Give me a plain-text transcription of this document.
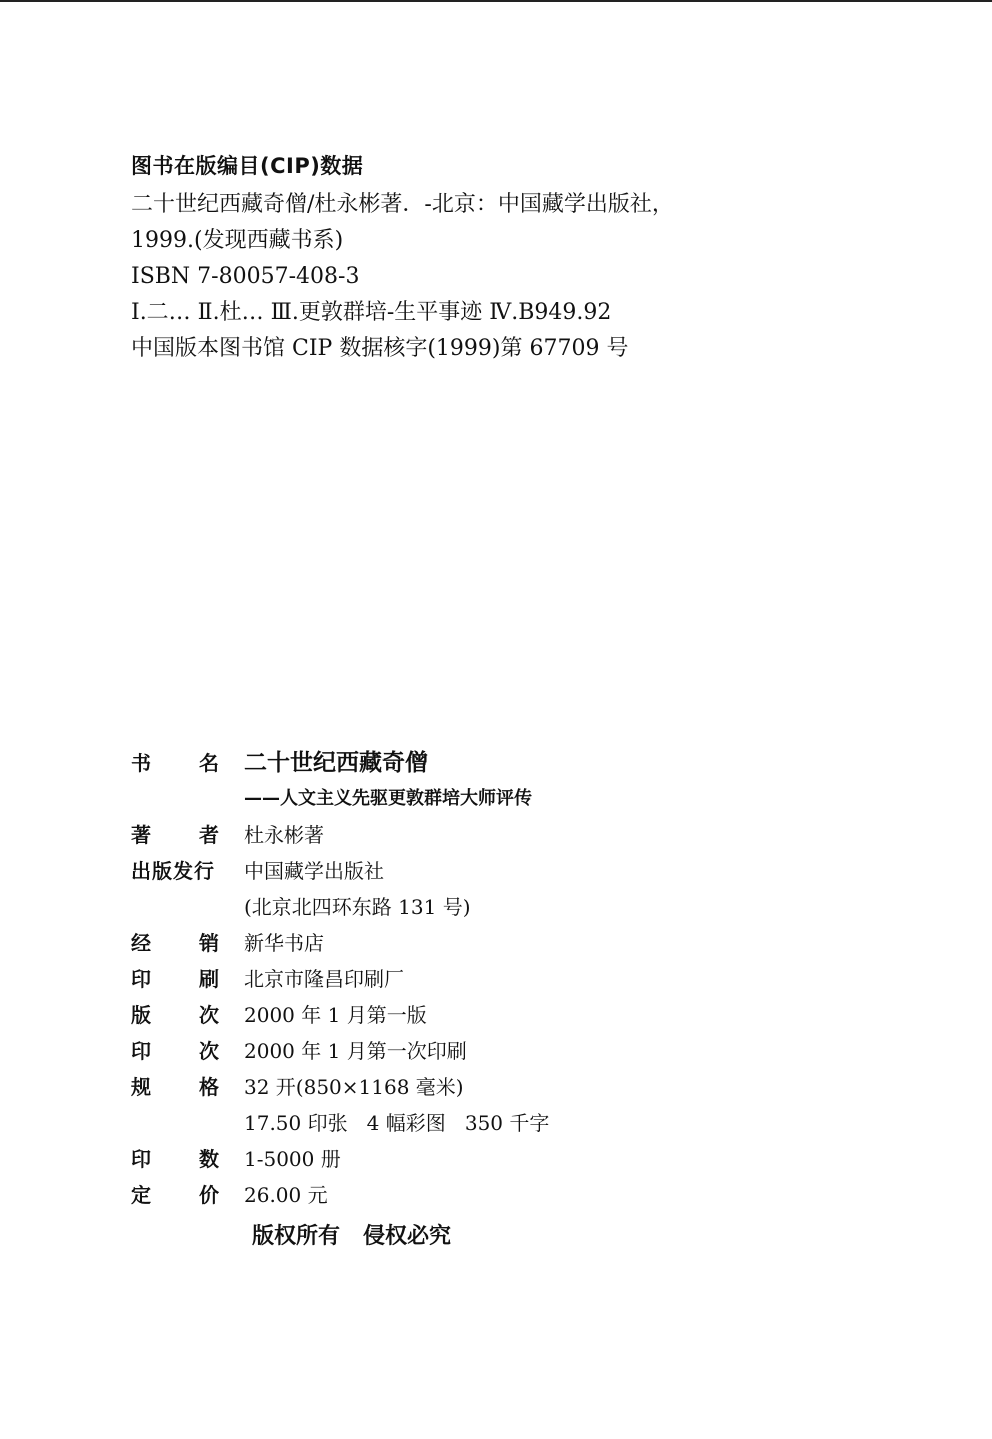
图书在版编目(CIP)数据
二十世纪西藏奇僧/杜永彬著．-北京：中国藏学出版社，
1999.(发现西藏书系)
ISBN 7-80057-408-3
Ⅰ.二… Ⅱ.杜… Ⅲ.更敦群培-生平事迹 Ⅳ.B949.92
中国版本图书馆 CIP 数据核字(1999)第 67709 号
书 名 二十世纪西藏奇僧
——人文主义先驱更敦群培大师评传
著 者 杜永彬著
出版发行 中国藏学出版社
(北京北四环东路 131 号)
经 销 新华书店
印 刷 北京市隆昌印刷厂
版 次 2000 年 1 月第一版
印 次 2000 年 1 月第一次印刷
规 格 32 开(850×1168 毫米)
17.50 印张   4 幅彩图   350 千字
印 数 1-5000 册
定 价 26.00 元
版权所有   侵权必究
